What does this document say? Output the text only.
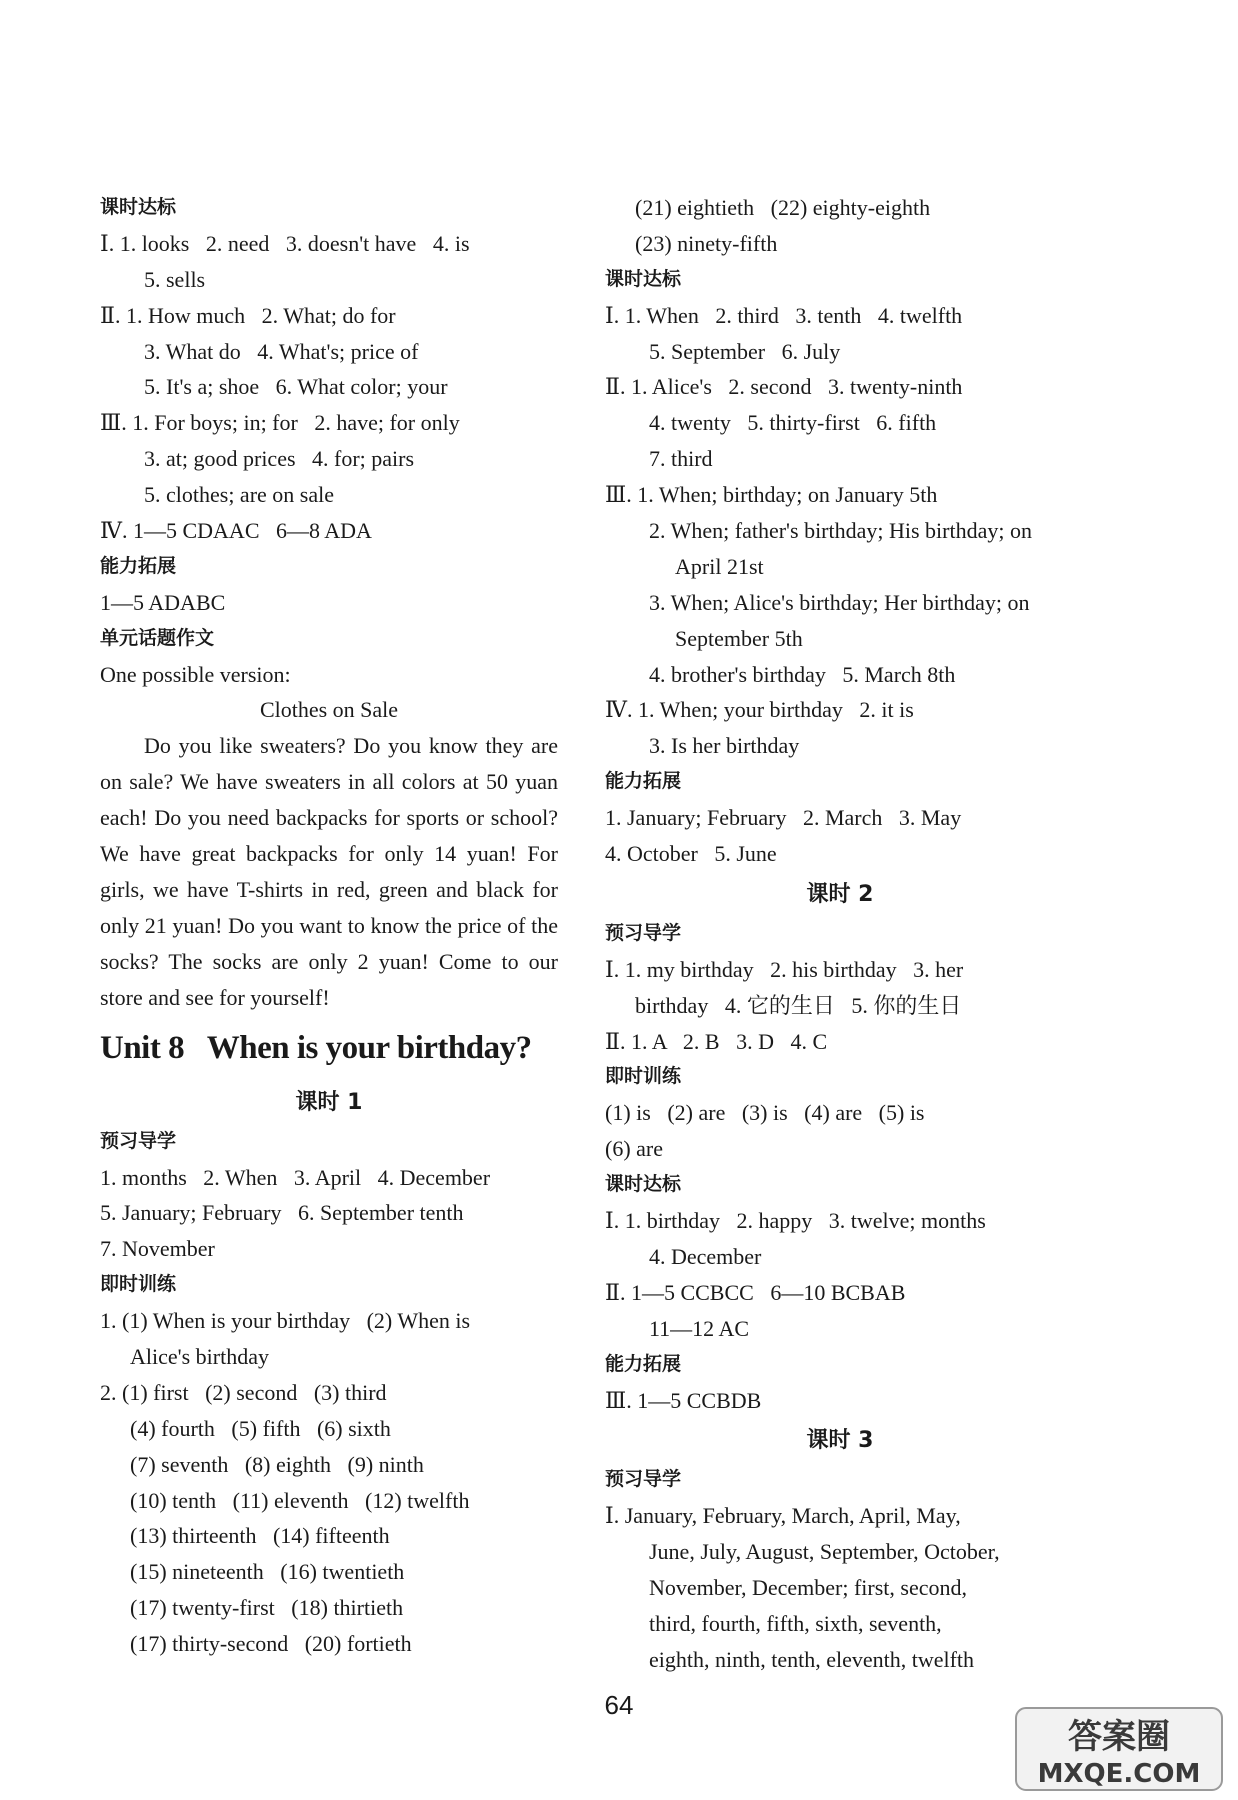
课时达标
Ⅰ. 1. looks   2. need   3. doesn't have   4. is
5. sells
Ⅱ. 1. How much   2. What; do for
3. What do   4. What's; price of
5. It's a; shoe   6. What color; your
Ⅲ. 1. For boys; in; for   2. have; for only
3. at; good prices   4. for; pairs
5. clothes; are on sale
Ⅳ. 1—5 CDAAC   6—8 ADA
能力拓展
1—5 ADABC
单元话题作文
One possible version:
Clothes on Sale

Do you like sweaters? Do you know they are on sale? We have sweaters in all colors at 50 yuan each! Do you need backpacks for sports or school? We have great backpacks for only 14 yuan! For girls, we have T-shirts in red, green and black for only 21 yuan! Do you want to know the price of the socks? The socks are only 2 yuan! Come to our store and see for yourself!

Unit 8   When is your birthday?
课时 1
预习导学
1. months   2. When   3. April   4. December
5. January; February   6. September tenth
7. November
即时训练
1. (1) When is your birthday   (2) When is
Alice's birthday
2. (1) first   (2) second   (3) third
(4) fourth   (5) fifth   (6) sixth
(7) seventh   (8) eighth   (9) ninth
(10) tenth   (11) eleventh   (12) twelfth
(13) thirteenth   (14) fifteenth
(15) nineteenth   (16) twentieth
(17) twenty-first   (18) thirtieth
(17) thirty-second   (20) fortieth
(21) eightieth   (22) eighty-eighth
(23) ninety-fifth
课时达标
Ⅰ. 1. When   2. third   3. tenth   4. twelfth
5. September   6. July
Ⅱ. 1. Alice's   2. second   3. twenty-ninth
4. twenty   5. thirty-first   6. fifth
7. third
Ⅲ. 1. When; birthday; on January 5th
2. When; father's birthday; His birthday; on
April 21st
3. When; Alice's birthday; Her birthday; on
September 5th
4. brother's birthday   5. March 8th
Ⅳ. 1. When; your birthday   2. it is
3. Is her birthday
能力拓展
1. January; February   2. March   3. May
4. October   5. June
课时 2
预习导学
Ⅰ. 1. my birthday   2. his birthday   3. her
birthday   4. 它的生日   5. 你的生日
Ⅱ. 1. A   2. B   3. D   4. C
即时训练
(1) is   (2) are   (3) is   (4) are   (5) is
(6) are
课时达标
Ⅰ. 1. birthday   2. happy   3. twelve; months
4. December
Ⅱ. 1—5 CCBCC   6—10 BCBAB
11—12 AC
能力拓展
Ⅲ. 1—5 CCBDB
课时 3
预习导学
Ⅰ. January, February, March, April, May,
June, July, August, September, October,
November, December; first, second,
third, fourth, fifth, sixth, seventh,
eighth, ninth, tenth, eleventh, twelfth
64
答案圈
MXQE.COM
